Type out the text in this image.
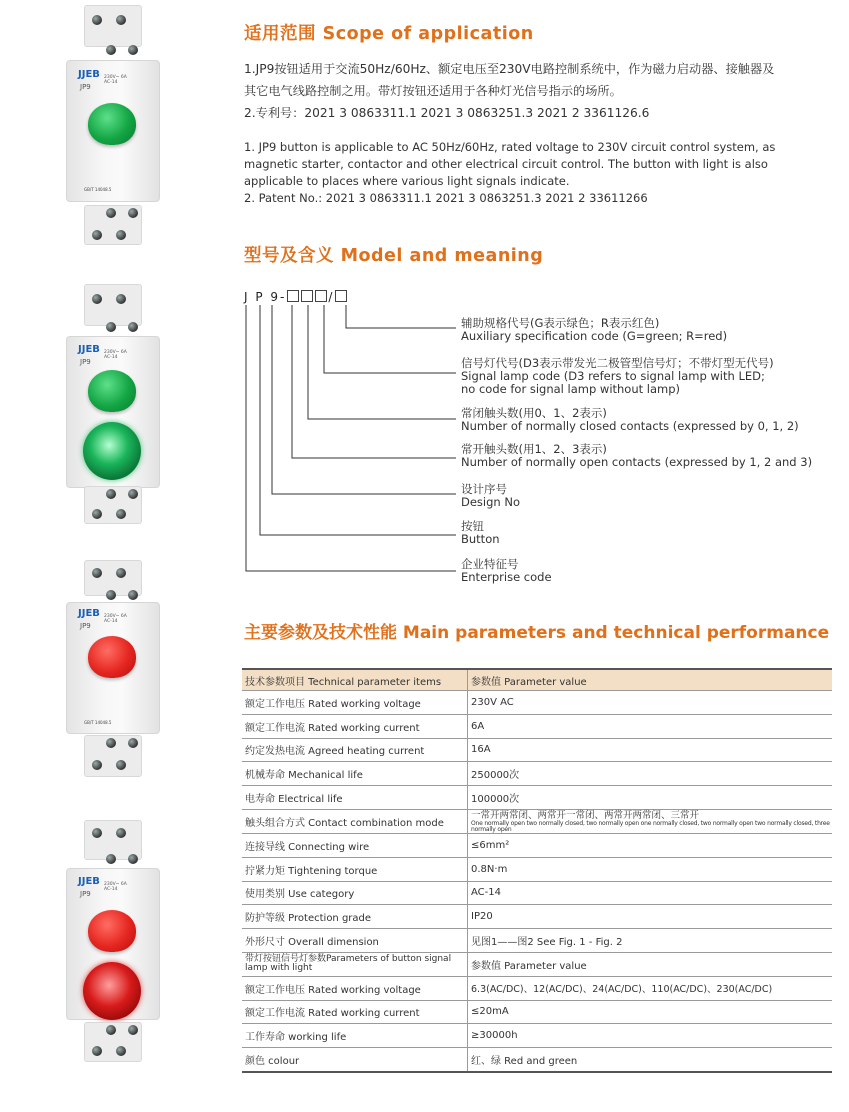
JJEB
JP9
230V~ 6A
AC-14
GB/T 14048.5
JJEB
JP9
230V~ 6A
AC-14
JJEB
JP9
230V~ 6A
AC-14
GB/T 14048.5
JJEB
JP9
230V~ 6A
AC-14
适用范围 Scope of application
1.JP9按钮适用于交流50Hz/60Hz、额定电压至230V电路控制系统中，作为磁力启动器、接触器及
其它电气线路控制之用。带灯按钮还适用于各种灯光信号指示的场所。
2.专利号：2021 3 0863311.1 2021 3 0863251.3 2021 2 3361126.6
1. JP9 button is applicable to AC 50Hz/60Hz, rated voltage to 230V circuit control system, as
magnetic starter, contactor and other electrical circuit control. The button with light is also
applicable to places where various light signals indicate.
2. Patent No.: 2021 3 0863311.1 2021 3 0863251.3 2021 2 33611266
型号及含义 Model and meaning
J P 9-	/
辅助规格代号(G表示绿色；R表示红色)
Auxiliary specification code (G=green; R=red)
信号灯代号(D3表示带发光二极管型信号灯；不带灯型无代号)
Signal lamp code (D3 refers to signal lamp with LED;
no code for signal lamp without lamp)
常闭触头数(用0、1、2表示)
Number of normally closed contacts (expressed by 0, 1, 2)
常开触头数(用1、2、3表示)
Number of normally open contacts (expressed by 1, 2 and 3)
设计序号
Design No
按钮
Button
企业特征号
Enterprise code
主要参数及技术性能 Main parameters and technical performance
技术参数项目 Technical parameter items	参数值 Parameter value
额定工作电压 Rated working voltage	230V AC
额定工作电流 Rated working current	6A
约定发热电流 Agreed heating current	16A
机械寿命 Mechanical life	250000次
电寿命 Electrical life	100000次
触头组合方式 Contact combination mode	一常开两常闭、两常开一常闭、两常开两常闭、三常开
One normally open two normally closed, two normally open one normally closed, two normally open two normally closed, three normally open

连接导线 Connecting wire	≤6mm²
拧紧力矩 Tightening torque	0.8N·m
使用类别 Use category	AC-14
防护等级 Protection grade	IP20
外形尺寸 Overall dimension	见图1——图2 See Fig. 1 - Fig. 2
带灯按钮信号灯参数Parameters of button signal lamp with light	参数值 Parameter value
额定工作电压 Rated working voltage	6.3(AC/DC)、12(AC/DC)、24(AC/DC)、110(AC/DC)、230(AC/DC)
额定工作电流 Rated working current	≤20mA
工作寿命 working life	≥30000h
颜色 colour	红、绿 Red and green
